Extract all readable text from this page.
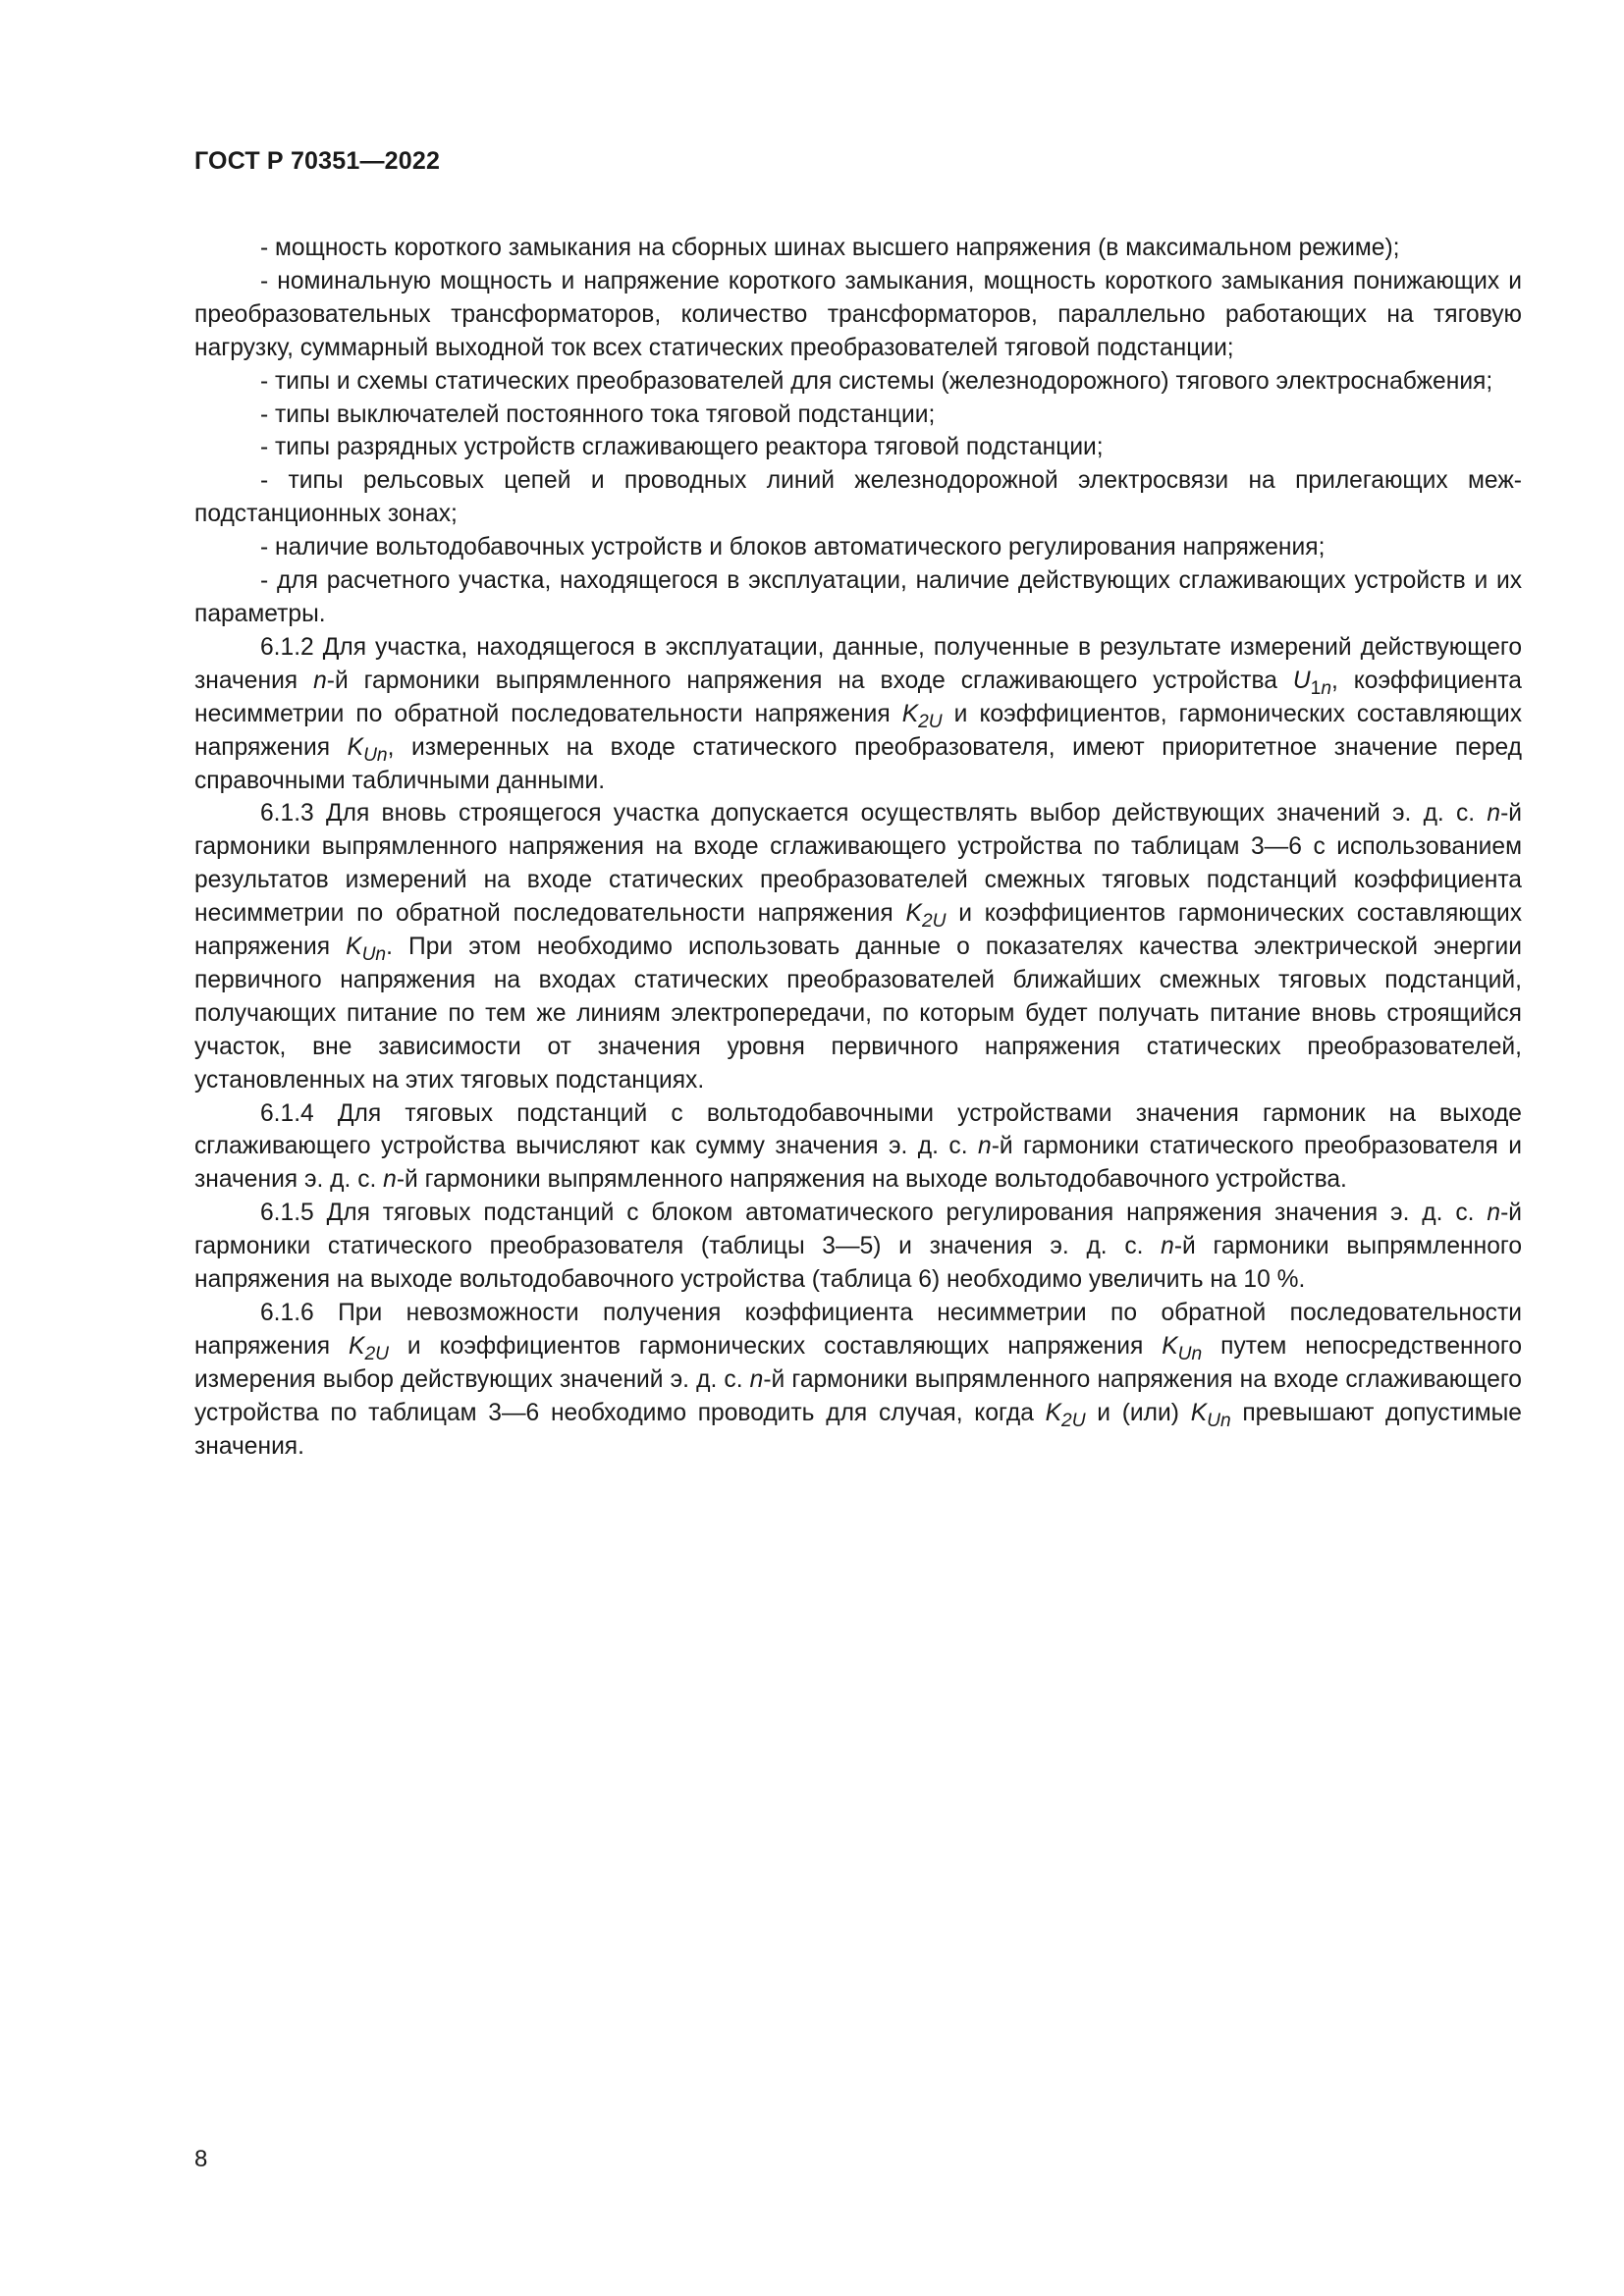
ГОСТ Р 70351—2022

- мощность короткого замыкания на сборных шинах высшего напряжения (в максимальном режиме);

- номинальную мощность и напряжение короткого замыкания, мощность короткого замыкания понижающих и преобразовательных трансформаторов, количество трансформаторов, параллельно работающих на тяговую нагрузку, суммарный выходной ток всех статических преобразователей тяговой подстанции;

- типы и схемы статических преобразователей для системы (железнодорожного) тягового электроснабжения;

- типы выключателей постоянного тока тяговой подстанции;

- типы разрядных устройств сглаживающего реактора тяговой подстанции;

- типы рельсовых цепей и проводных линий железнодорожной электросвязи на прилегающих межподстанционных зонах;

- наличие вольтодобавочных устройств и блоков автоматического регулирования напряжения;

- для расчетного участка, находящегося в эксплуатации, наличие действующих сглаживающих устройств и их параметры.

6.1.2 Для участка, находящегося в эксплуатации, данные, полученные в результате измерений действующего значения n-й гармоники выпрямленного напряжения на входе сглаживающего устройства $U_{1n}$, коэффициента несимметрии по обратной последовательности напряжения $K_{2U}$ и коэффициентов, гармонических составляющих напряжения $K_{Un}$, измеренных на входе статического преобразователя, имеют приоритетное значение перед справочными табличными данными.

6.1.3 Для вновь строящегося участка допускается осуществлять выбор действующих значений э. д. с. n-й гармоники выпрямленного напряжения на входе сглаживающего устройства по таблицам 3—6 с использованием результатов измерений на входе статических преобразователей смежных тяговых подстанций коэффициента несимметрии по обратной последовательности напряжения $K_{2U}$ и коэффициентов гармонических составляющих напряжения $K_{Un}$. При этом необходимо использовать данные о показателях качества электрической энергии первичного напряжения на входах статических преобразователей ближайших смежных тяговых подстанций, получающих питание по тем же линиям электропередачи, по которым будет получать питание вновь строящийся участок, вне зависимости от значения уровня первичного напряжения статических преобразователей, установленных на этих тяговых подстанциях.

6.1.4 Для тяговых подстанций с вольтодобавочными устройствами значения гармоник на выходе сглаживающего устройства вычисляют как сумму значения э. д. с. n-й гармоники статического преобразователя и значения э. д. с. n-й гармоники выпрямленного напряжения на выходе вольтодобавочного устройства.

6.1.5 Для тяговых подстанций с блоком автоматического регулирования напряжения значения э. д. с. n-й гармоники статического преобразователя (таблицы 3—5) и значения э. д. с. n-й гармоники выпрямленного напряжения на выходе вольтодобавочного устройства (таблица 6) необходимо увеличить на 10 %.

6.1.6 При невозможности получения коэффициента несимметрии по обратной последовательности напряжения $K_{2U}$ и коэффициентов гармонических составляющих напряжения $K_{Un}$ путем непосредственного измерения выбор действующих значений э. д. с. n-й гармоники выпрямленного напряжения на входе сглаживающего устройства по таблицам 3—6 необходимо проводить для случая, когда $K_{2U}$ и (или) $K_{Un}$ превышают допустимые значения.

8
